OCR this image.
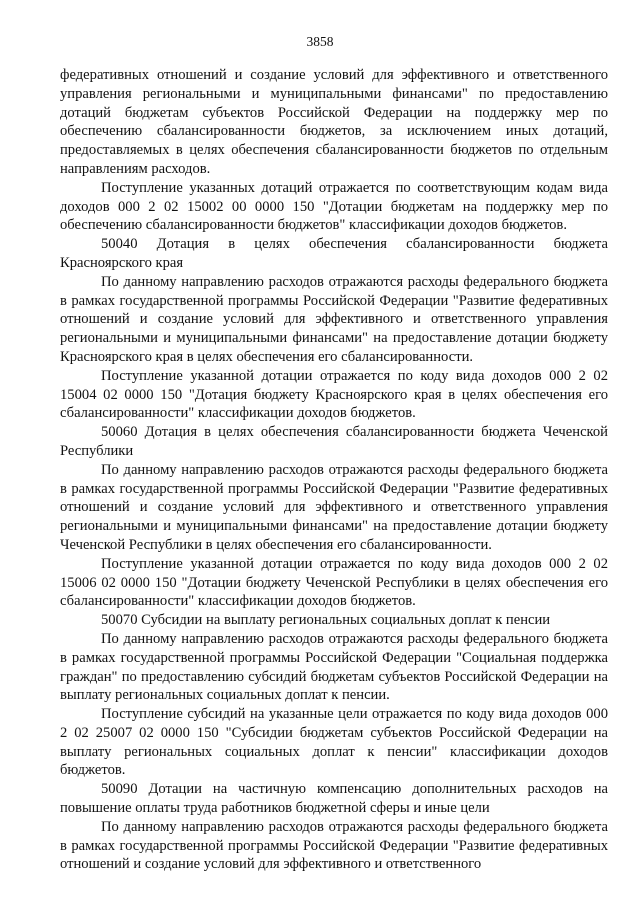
3858

федеративных отношений и создание условий для эффективного и ответственного управления региональными и муниципальными финансами" по предоставлению дотаций бюджетам субъектов Российской Федерации на поддержку мер по обеспечению сбалансированности бюджетов, за исключением иных дотаций, предоставляемых в целях обеспечения сбалансированности бюджетов по отдельным направлениям расходов.

Поступление указанных дотаций отражается по соответствующим кодам вида доходов 000 2 02 15002 00 0000 150 "Дотации бюджетам на поддержку мер по обеспечению сбалансированности бюджетов" классификации доходов бюджетов.

50040 Дотация в целях обеспечения сбалансированности бюджета Красноярского края

По данному направлению расходов отражаются расходы федерального бюджета в рамках государственной программы Российской Федерации "Развитие федеративных отношений и создание условий для эффективного и ответственного управления региональными и муниципальными финансами" на предоставление дотации бюджету Красноярского края в целях обеспечения его сбалансированности.

Поступление указанной дотации отражается по коду вида доходов 000 2 02 15004 02 0000 150 "Дотация бюджету Красноярского края в целях обеспечения его сбалансированности" классификации доходов бюджетов.

50060 Дотация в целях обеспечения сбалансированности бюджета Чеченской Республики

По данному направлению расходов отражаются расходы федерального бюджета в рамках государственной программы Российской Федерации "Развитие федеративных отношений и создание условий для эффективного и ответственного управления региональными и муниципальными финансами" на предоставление дотации бюджету Чеченской Республики в целях обеспечения его сбалансированности.

Поступление указанной дотации отражается по коду вида доходов 000 2 02 15006 02 0000 150 "Дотации бюджету Чеченской Республики в целях обеспечения его сбалансированности" классификации доходов бюджетов.

50070 Субсидии на выплату региональных социальных доплат к пенсии

По данному направлению расходов отражаются расходы федерального бюджета в рамках государственной программы Российской Федерации "Социальная поддержка граждан" по предоставлению субсидий бюджетам субъектов Российской Федерации на выплату региональных социальных доплат к пенсии.

Поступление субсидий на указанные цели отражается по коду вида доходов 000 2 02 25007 02 0000 150 "Субсидии бюджетам субъектов Российской Федерации на выплату региональных социальных доплат к пенсии" классификации доходов бюджетов.

50090 Дотации на частичную компенсацию дополнительных расходов на повышение оплаты труда работников бюджетной сферы и иные цели

По данному направлению расходов отражаются расходы федерального бюджета в рамках государственной программы Российской Федерации "Развитие федеративных отношений и создание условий для эффективного и ответственного
